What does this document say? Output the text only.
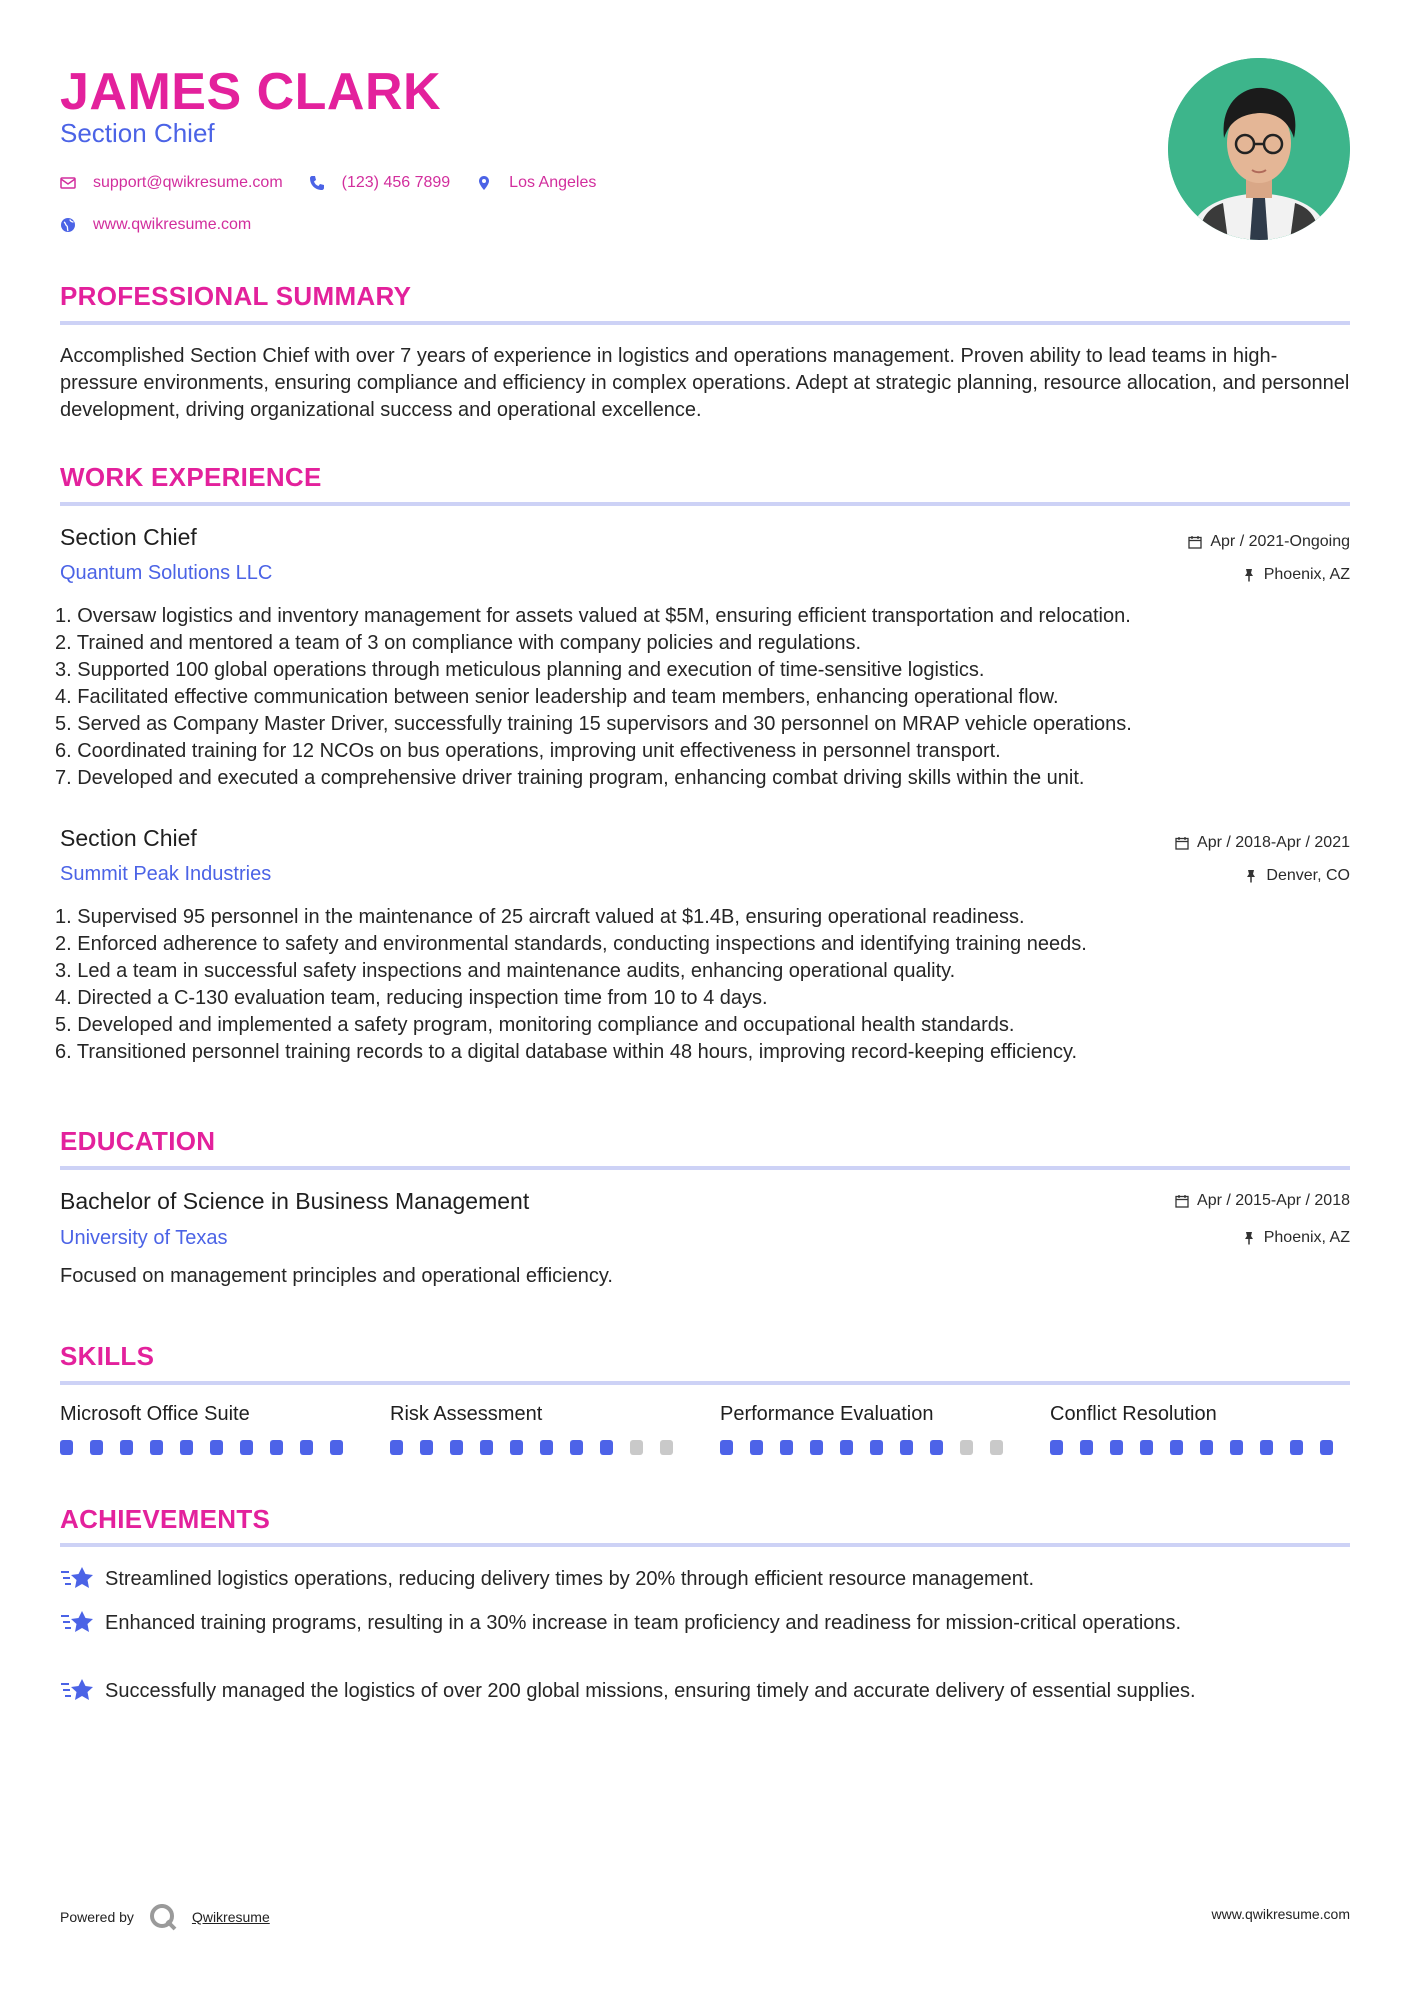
JAMES CLARK
Section Chief
support@qwikresume.com	(123) 456 7899	Los Angeles
www.qwikresume.com
PROFESSIONAL SUMMARY
Accomplished Section Chief with over 7 years of experience in logistics and operations management. Proven ability to lead teams in high-pressure environments, ensuring compliance and efficiency in complex operations. Adept at strategic planning, resource allocation, and personnel development, driving organizational success and operational excellence.
WORK EXPERIENCE
Section Chief	Apr / 2021-Ongoing
Quantum Solutions LLC	Phoenix, AZ
1. Oversaw logistics and inventory management for assets valued at $5M, ensuring efficient transportation and relocation.
2. Trained and mentored a team of 3 on compliance with company policies and regulations.
3. Supported 100 global operations through meticulous planning and execution of time-sensitive logistics.
4. Facilitated effective communication between senior leadership and team members, enhancing operational flow.
5. Served as Company Master Driver, successfully training 15 supervisors and 30 personnel on MRAP vehicle operations.
6. Coordinated training for 12 NCOs on bus operations, improving unit effectiveness in personnel transport.
7. Developed and executed a comprehensive driver training program, enhancing combat driving skills within the unit.
Section Chief	Apr / 2018-Apr / 2021
Summit Peak Industries	Denver, CO
1. Supervised 95 personnel in the maintenance of 25 aircraft valued at $1.4B, ensuring operational readiness.
2. Enforced adherence to safety and environmental standards, conducting inspections and identifying training needs.
3. Led a team in successful safety inspections and maintenance audits, enhancing operational quality.
4. Directed a C-130 evaluation team, reducing inspection time from 10 to 4 days.
5. Developed and implemented a safety program, monitoring compliance and occupational health standards.
6. Transitioned personnel training records to a digital database within 48 hours, improving record-keeping efficiency.
EDUCATION
Bachelor of Science in Business Management	Apr / 2015-Apr / 2018
University of Texas	Phoenix, AZ
Focused on management principles and operational efficiency.
SKILLS
Microsoft Office Suite	Risk Assessment	Performance Evaluation	Conflict Resolution
ACHIEVEMENTS
Streamlined logistics operations, reducing delivery times by 20% through efficient resource management.
Enhanced training programs, resulting in a 30% increase in team proficiency and readiness for mission-critical operations.
Successfully managed the logistics of over 200 global missions, ensuring timely and accurate delivery of essential supplies.
Powered by	Qwikresume	www.qwikresume.com
